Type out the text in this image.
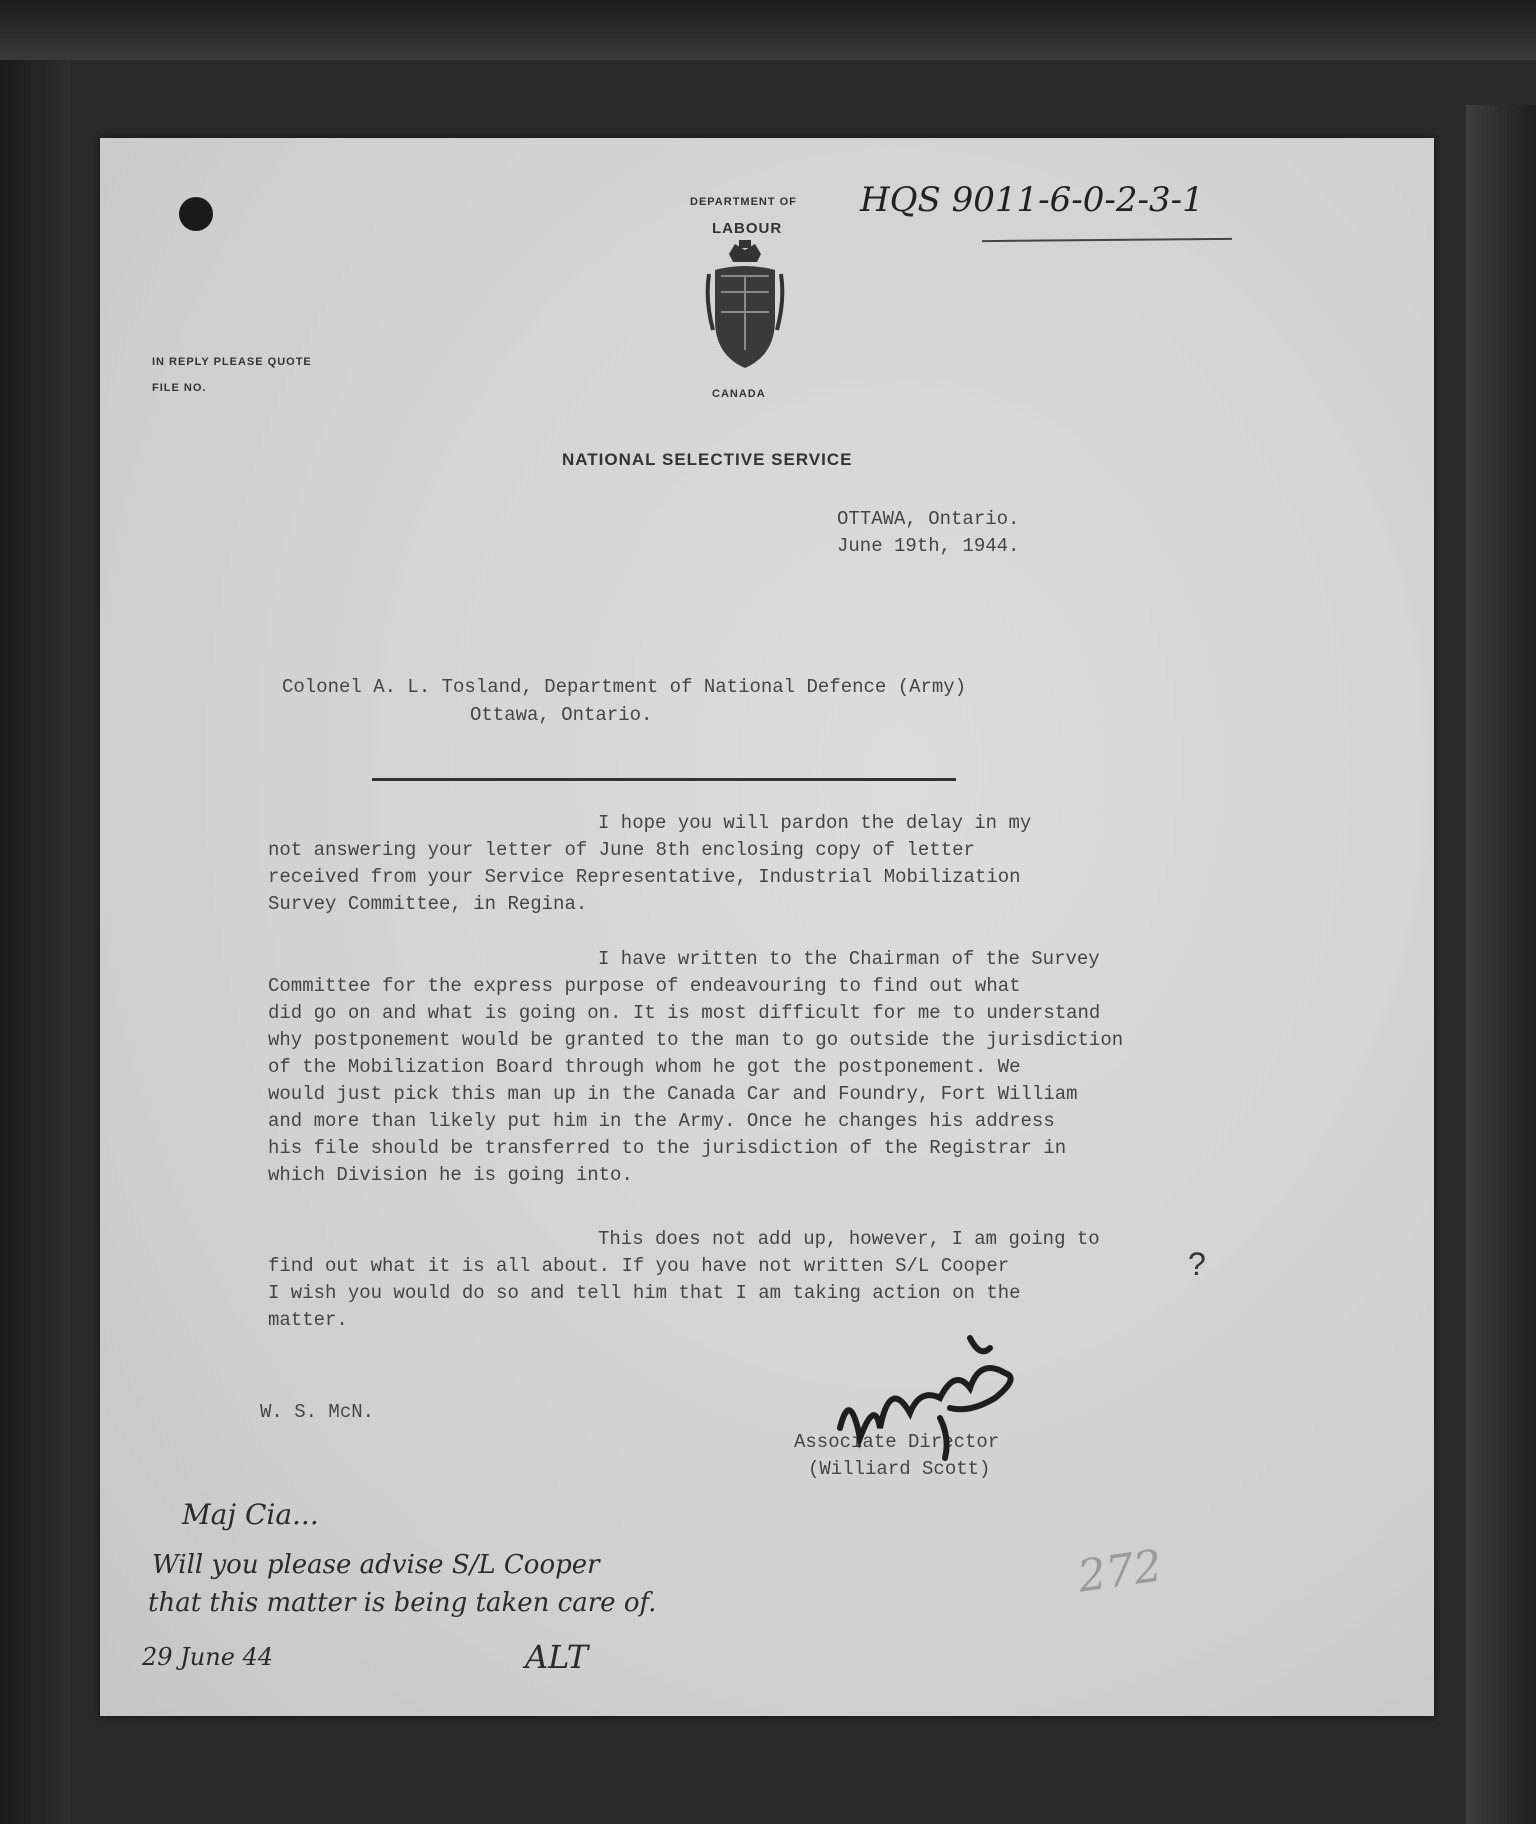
DEPARTMENT OF
LABOUR
CANADA
IN REPLY PLEASE QUOTE
FILE NO.
NATIONAL SELECTIVE SERVICE
HQS 9011-6-0-2-3-1
OTTAWA, Ontario.
June 19th, 1944.
Colonel A. L. Tosland, Department of National Defence (Army)
Ottawa, Ontario.

I hope you will pardon the delay in my

not answering your letter of June 8th enclosing copy of letter

received from your Service Representative, Industrial Mobilization

Survey Committee, in Regina.

I have written to the Chairman of the Survey

Committee for the express purpose of endeavouring to find out what

did go on and what is going on. It is most difficult for me to understand

why postponement would be granted to the man to go outside the jurisdiction

of the Mobilization Board through whom he got the postponement. We

would just pick this man up in the Canada Car and Foundry, Fort William

and more than likely put him in the Army. Once he changes his address

his file should be transferred to the jurisdiction of the Registrar in

which Division he is going into.

This does not add up, however, I am going to

find out what it is all about. If you have not written S/L Cooper

I wish you would do so and tell him that I am taking action on the

matter.

?
W. S. McN.
Associate Director
(Williard Scott)
Maj Cia...
Will you please advise S/L Cooper
that this matter is being taken care of.
29 June 44	ALT
272
